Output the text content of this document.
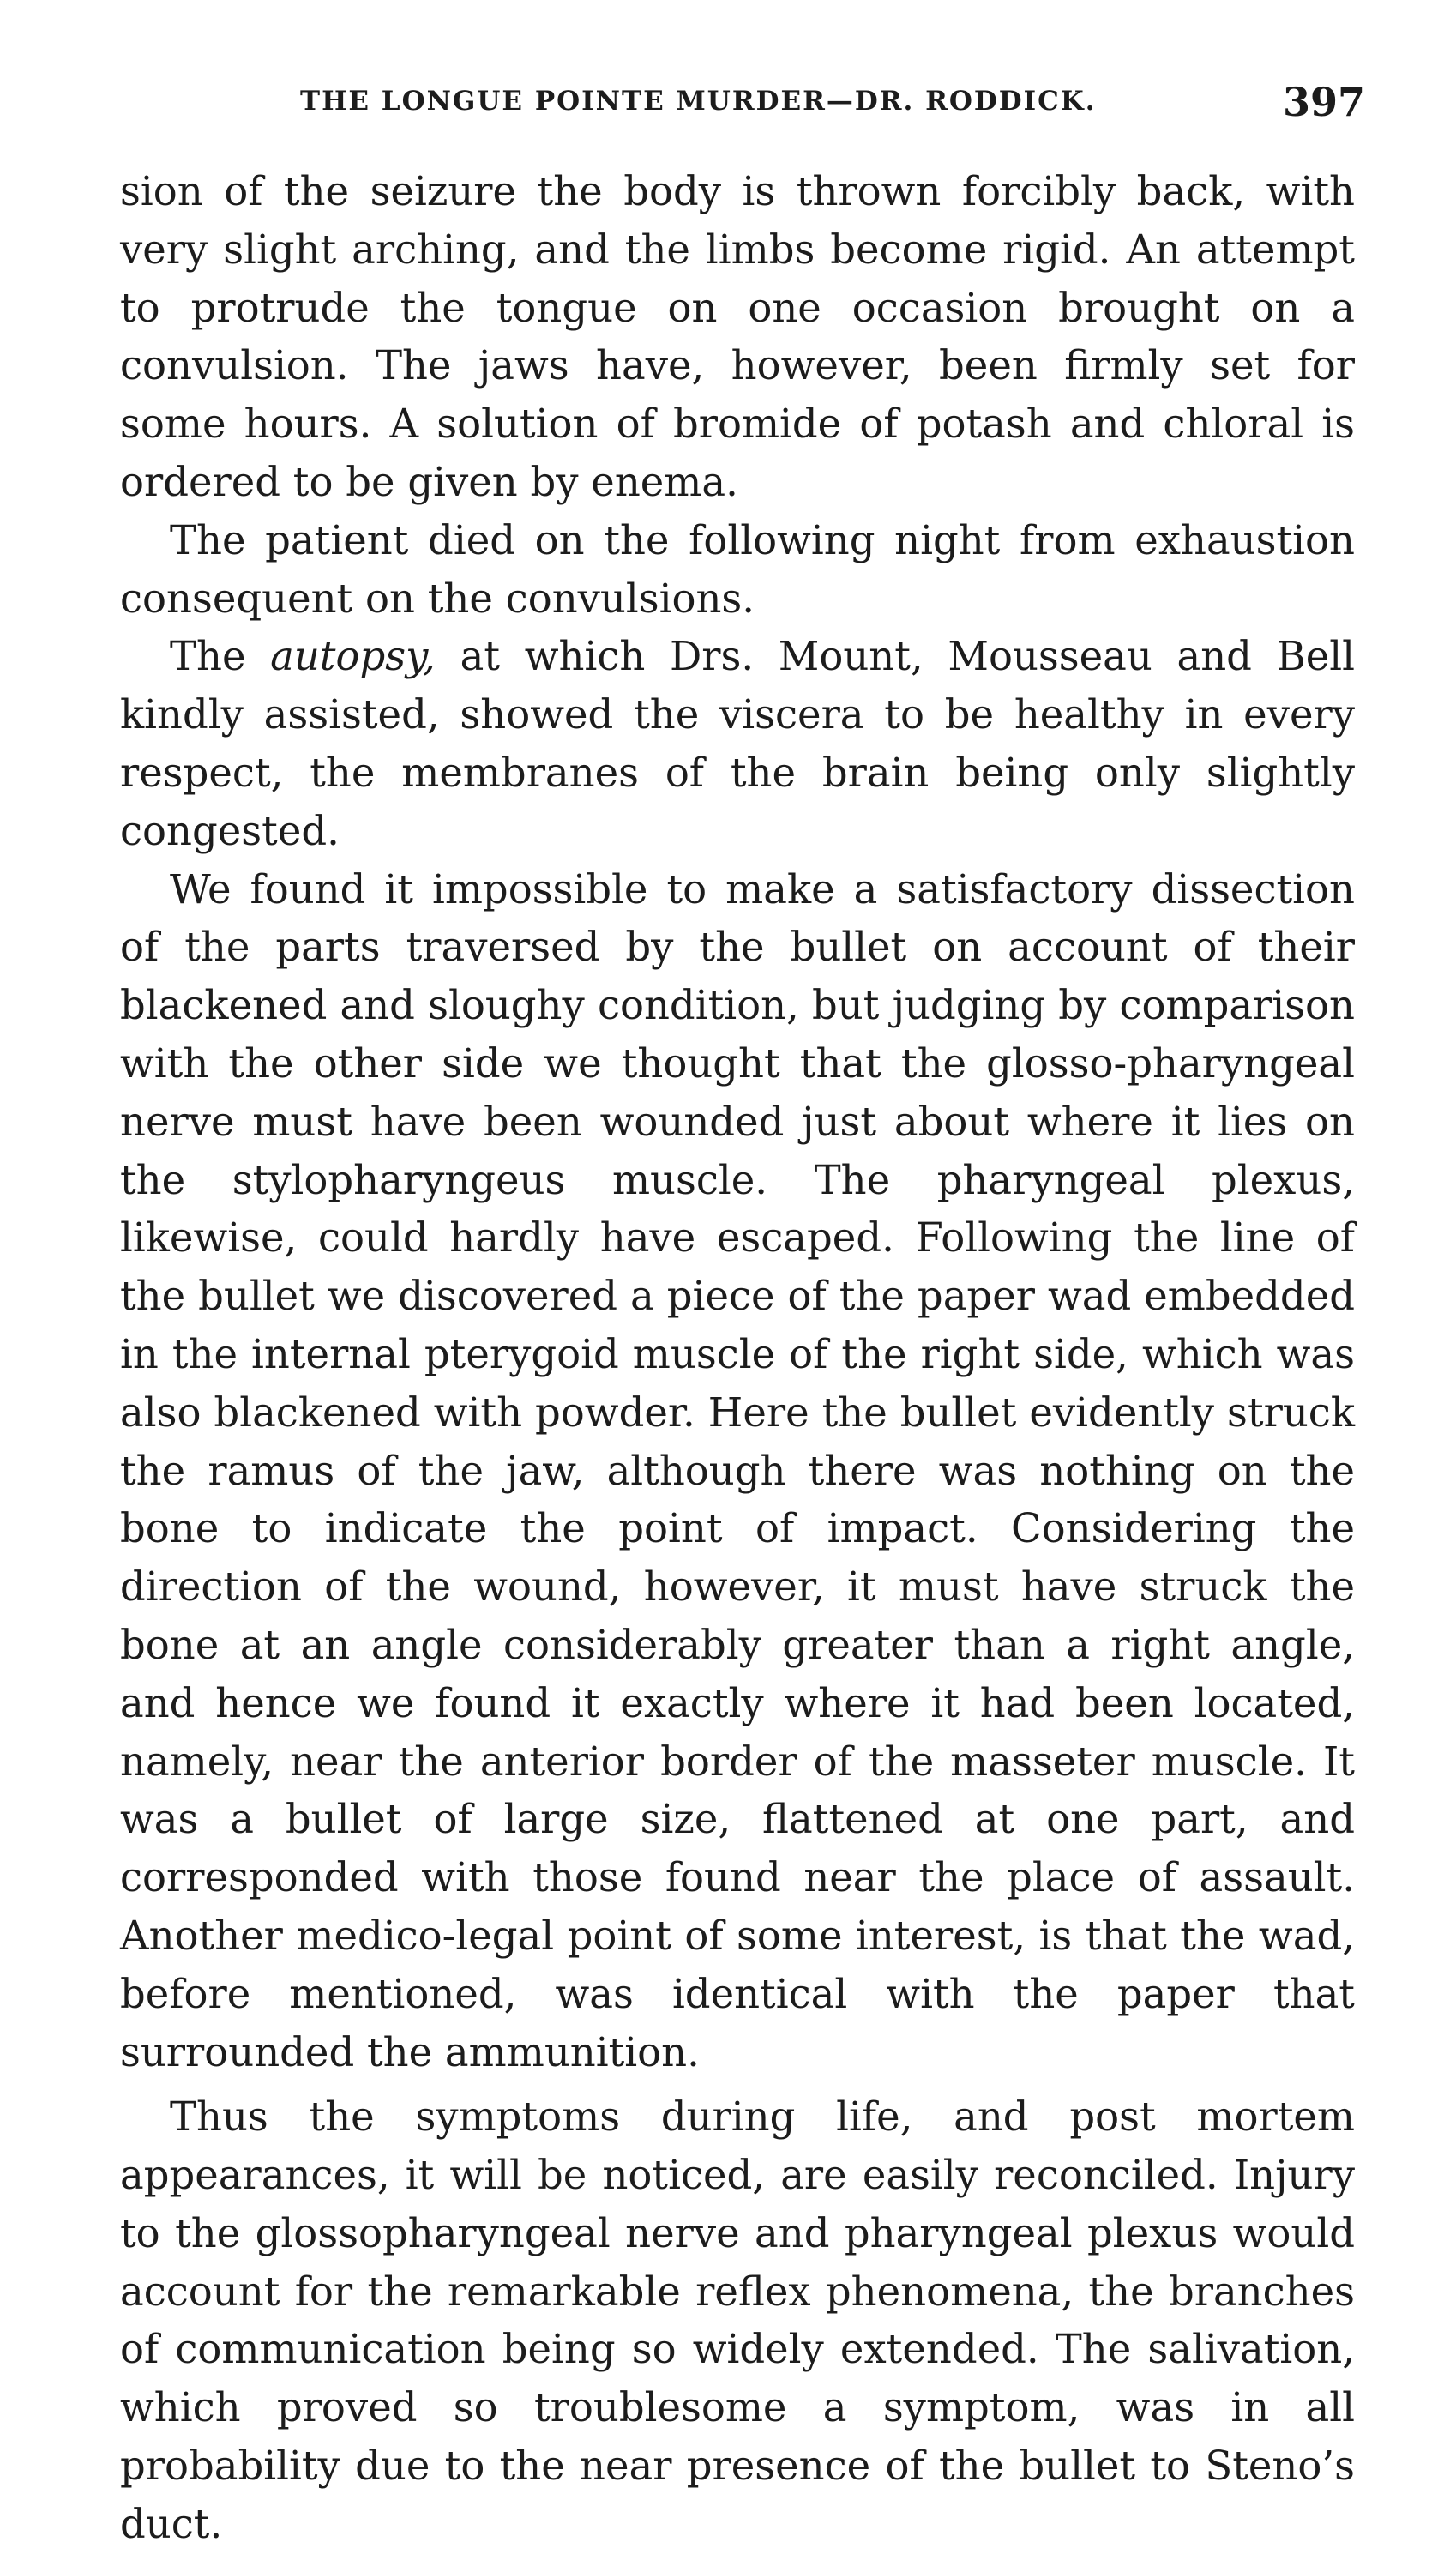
THE LONGUE POINTE MURDER—DR. RODDICK.	397

sion of the seizure the body is thrown forcibly back, with very slight arching, and the limbs become rigid. An attempt to protrude the tongue on one occasion brought on a convulsion. The jaws have, however, been firmly set for some hours. A solution of bromide of potash and chloral is ordered to be given by enema.

The patient died on the following night from exhaustion consequent on the convulsions.

The autopsy, at which Drs. Mount, Mousseau and Bell kindly assisted, showed the viscera to be healthy in every respect, the membranes of the brain being only slightly congested.

We found it impossible to make a satisfactory dissection of the parts traversed by the bullet on account of their blackened and sloughy condition, but judging by comparison with the other side we thought that the glosso-pharyngeal nerve must have been wounded just about where it lies on the stylopharyngeus muscle. The pharyngeal plexus, likewise, could hardly have escaped. Following the line of the bullet we discovered a piece of the paper wad embedded in the internal pterygoid muscle of the right side, which was also blackened with powder. Here the bullet evidently struck the ramus of the jaw, although there was nothing on the bone to indicate the point of impact. Considering the direction of the wound, however, it must have struck the bone at an angle considerably greater than a right angle, and hence we found it exactly where it had been located, namely, near the anterior border of the masseter muscle. It was a bullet of large size, flattened at one part, and corresponded with those found near the place of assault. Another medico-legal point of some interest, is that the wad, before mentioned, was identical with the paper that surrounded the ammunition.

Thus the symptoms during life, and post mortem appearances, it will be noticed, are easily reconciled. Injury to the glossopharyngeal nerve and pharyngeal plexus would account for the remarkable reflex phenomena, the branches of communication being so widely extended. The salivation, which proved so troublesome a symptom, was in all probability due to the near presence of the bullet to Steno’s duct.
